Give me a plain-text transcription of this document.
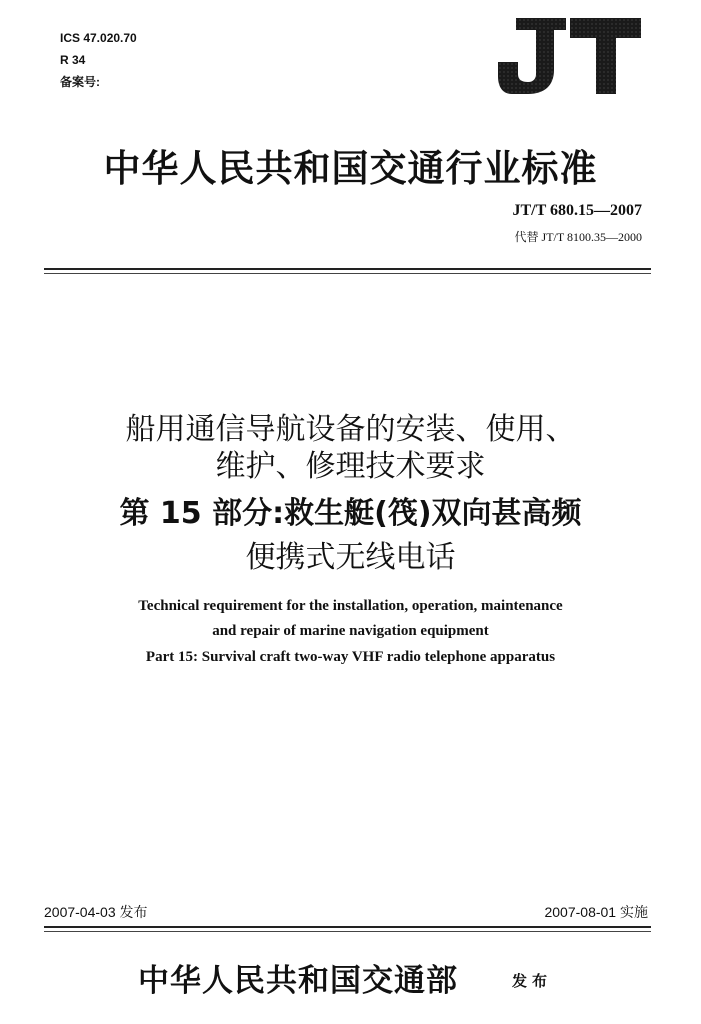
ICS 47.020.70
R 34
备案号:
中华人民共和国交通行业标准
JT/T 680.15—2007
代替 JT/T 8100.35—2000
船用通信导航设备的安装、使用、
维护、修理技术要求
第 15 部分:救生艇(筏)双向甚高频
便携式无线电话
Technical requirement for the installation, operation, maintenance
and repair of marine navigation equipment
Part 15: Survival craft two-way VHF radio telephone apparatus
2007-04-03 发布	2007-08-01 实施
中华人民共和国交通部	发布
